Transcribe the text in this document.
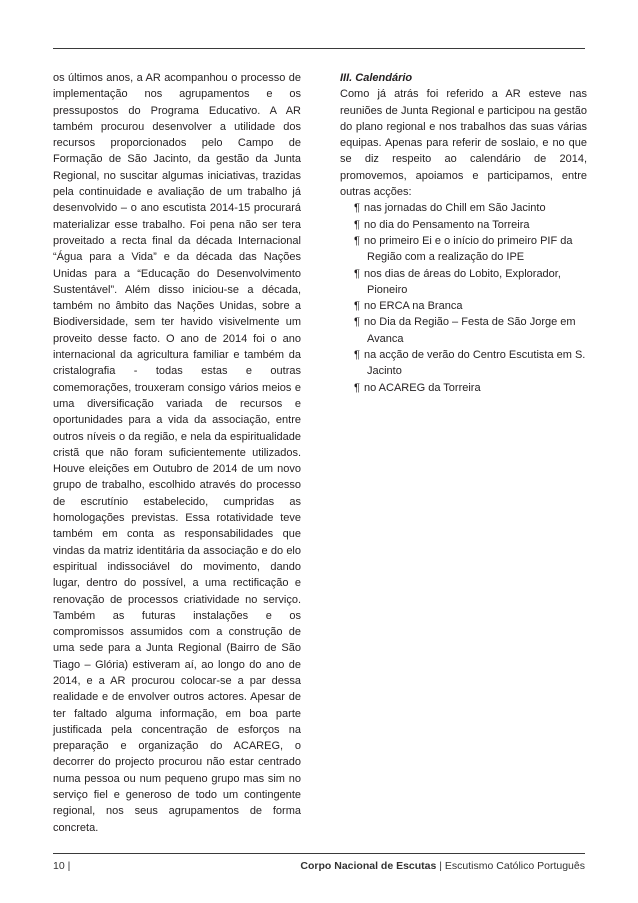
os últimos anos, a AR acompanhou o processo de implementação nos agrupamentos e os pressupostos do Programa Educativo. A AR também procurou desenvolver a utilidade dos recursos proporcionados pelo Campo de Formação de São Jacinto, da gestão da Junta Regional, no suscitar algumas iniciativas, trazidas pela continuidade e avaliação de um trabalho já desenvolvido – o ano escutista 2014-15 procurará materializar esse trabalho. Foi pena não ser tera proveitado a recta final da década Internacional “Água para a Vida” e da década das Nações Unidas para a “Educação do Desenvolvimento Sustentável”. Além disso iniciou-se a década, também no âmbito das Nações Unidas, sobre a Biodiversidade, sem ter havido visivelmente um proveito desse facto. O ano de 2014 foi o ano internacional da agricultura familiar e também da cristalografia - todas estas e outras comemorações, trouxeram consigo vários meios e uma diversificação variada de recursos e oportunidades para a vida da associação, entre outros níveis o da região, e nela da espiritualidade cristã que não foram suficientemente utilizados. Houve eleições em Outubro de 2014 de um novo grupo de trabalho, escolhido através do processo de escrutínio estabelecido, cumpridas as homologações previstas. Essa rotatividade teve também em conta as responsabilidades que vindas da matriz identitária da associação e do elo espiritual indissociável do movimento, dando lugar, dentro do possível, a uma rectificação e renovação de processos criatividade no serviço. Também as futuras instalações e os compromissos assumidos com a construção de uma sede para a Junta Regional (Bairro de São Tiago – Glória) estiveram aí, ao longo do ano de 2014, e a AR procurou colocar-se a par dessa realidade e de envolver outros actores. Apesar de ter faltado alguma informação, em boa parte justificada pela concentração de esforços na preparação e organização do ACAREG, o decorrer do projecto procurou não estar centrado numa pessoa ou num pequeno grupo mas sim no serviço fiel e generoso de todo um contingente regional, nos seus agrupamentos de forma concreta.

III. Calendário

Como já atrás foi referido a AR esteve nas reuniões de Junta Regional e participou na gestão do plano regional e nos trabalhos das suas várias equipas. Apenas para referir de soslaio, e no que se diz respeito ao calendário de 2014, promovemos, apoiamos e participamos, entre outras acções:

¶ nas jornadas do Chill em São Jacinto
¶ no dia do Pensamento na Torreira
¶ no primeiro Ei e o início do primeiro PIF da Região com a realização do IPE
¶ nos dias de áreas do Lobito, Explorador, Pioneiro
¶ no ERCA na Branca
¶ no Dia da Região – Festa de São Jorge em Avanca
¶ na acção de verão do Centro Escutista em S. Jacinto
¶ no ACAREG da Torreira
10 |	Corpo Nacional de Escutas | Escutismo Católico Português
